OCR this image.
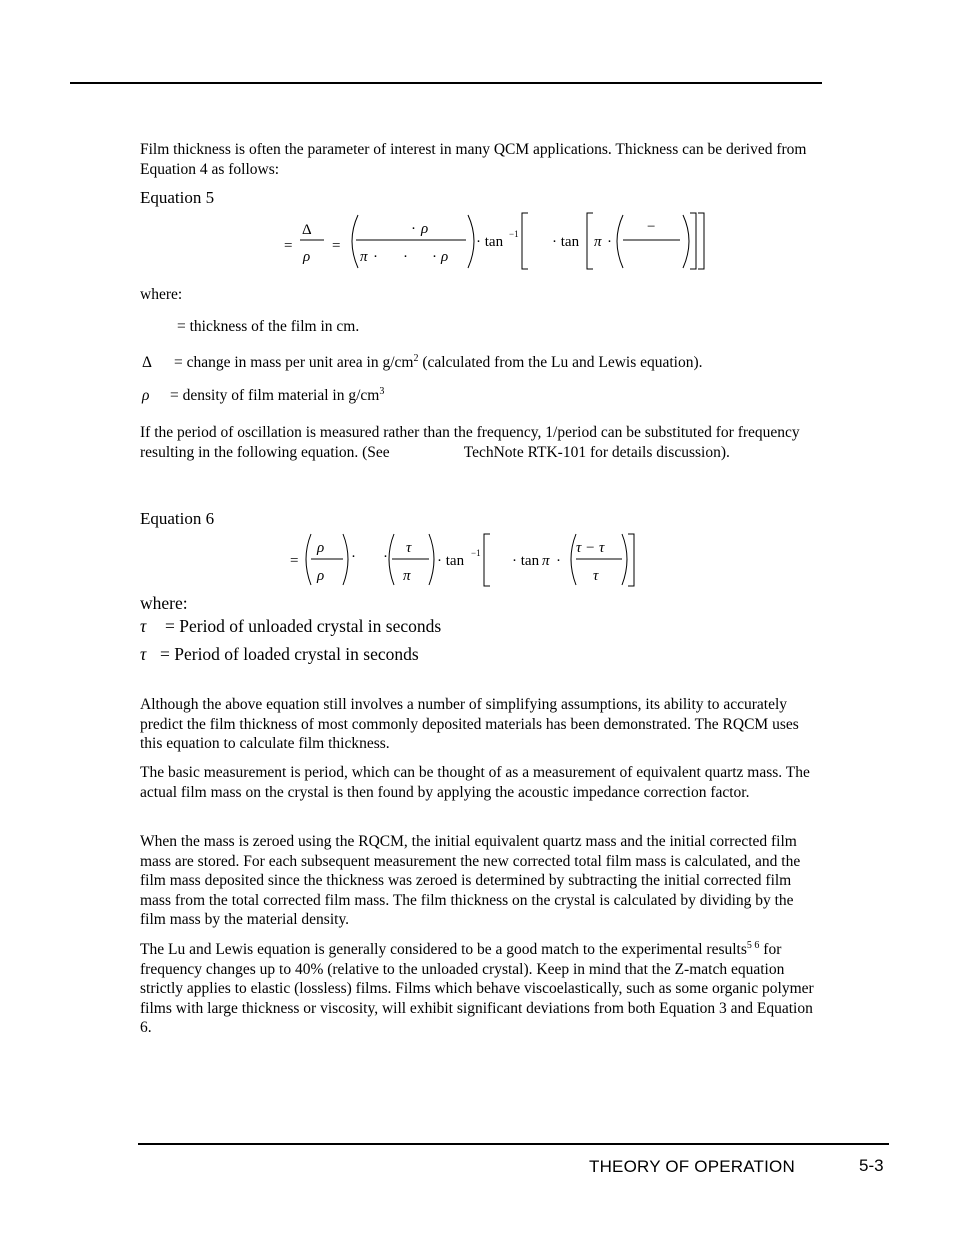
Film thickness is often the parameter of interest in many QCM applications. Thickness can be derived from Equation 4 as follows:

Equation 5

=
Δ
ρ
=
· ρ
π · · · ρ
· tan −1 · tan π ·
−

where:

= thickness of the film in cm.

Δ = change in mass per unit area in $g/cm^2$ (calculated from the Lu and Lewis equation).

ρ = density of film material in $g/cm^3$

If the period of oscillation is measured rather than the frequency, 1/period can be substituted for frequency resulting in the following equation. (See	TechNote RTK-101 for details discussion).

Equation 6

=
ρ
ρ
· ·
τ
π
· tan −1 · tan π ·
τ − τ
τ

where:

τ = Period of unloaded crystal in seconds

τ = Period of loaded crystal in seconds

Although the above equation still involves a number of simplifying assumptions, its ability to accurately predict the film thickness of most commonly deposited materials has been demonstrated. The RQCM uses this equation to calculate film thickness.

The basic measurement is period, which can be thought of as a measurement of equivalent quartz mass. The actual film mass on the crystal is then found by applying the acoustic impedance correction factor.

When the mass is zeroed using the RQCM, the initial equivalent quartz mass and the initial corrected film mass are stored. For each subsequent measurement the new corrected total film mass is calculated, and the film mass deposited since the thickness was zeroed is determined by subtracting the initial corrected film mass from the total corrected film mass. The film thickness on the crystal is calculated by dividing by the film mass by the material density.

The Lu and Lewis equation is generally considered to be a good match to the experimental results$^{5 6}$ for frequency changes up to 40% (relative to the unloaded crystal). Keep in mind that the Z-match equation strictly applies to elastic (lossless) films. Films which behave viscoelastically, such as some organic polymer films with large thickness or viscosity, will exhibit significant deviations from both Equation 3 and Equation 6.

THEORY OF OPERATION	5-3
